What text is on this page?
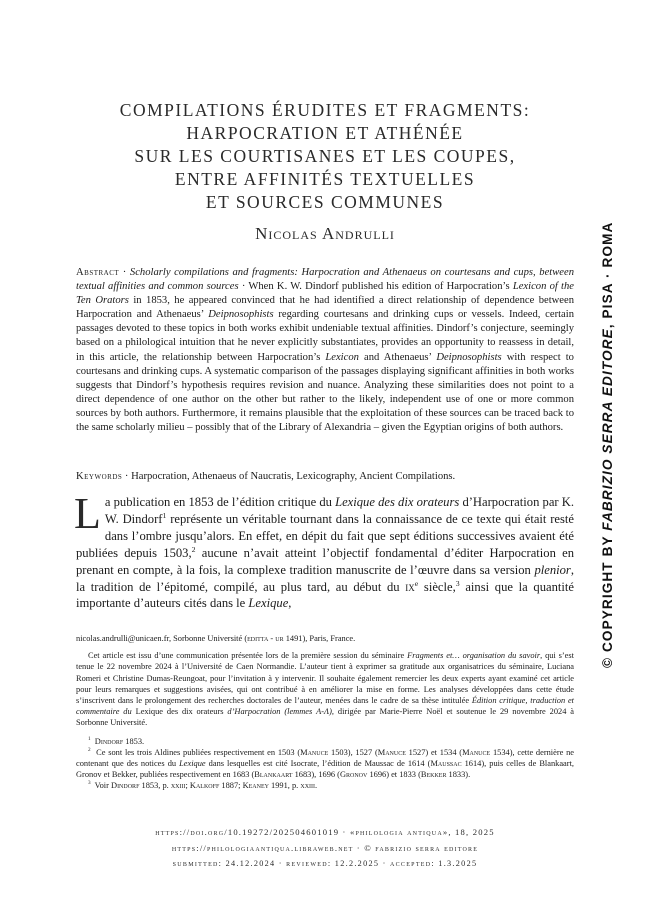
COMPILATIONS ÉRUDITES ET FRAGMENTS:
HARPOCRATION ET ATHÉNÉE
SUR LES COURTISANES ET LES COUPES,
ENTRE AFFINITÉS TEXTUELLES
ET SOURCES COMMUNES
Nicolas Andrulli
Abstract · Scholarly compilations and fragments: Harpocration and Athenaeus on courtesans and cups, between textual affinities and common sources · When K. W. Dindorf published his edition of Harpocration’s Lexicon of the Ten Orators in 1853, he appeared convinced that he had identified a direct relationship of dependence between Harpocration and Athenaeus’ Deipnosophists regarding courtesans and drinking cups or vessels. Indeed, certain passages devoted to these topics in both works exhibit undeniable textual affinities. Dindorf’s conjecture, seemingly based on a philological intuition that he never explicitly substantiates, provides an opportunity to reassess in detail, in this article, the relationship between Harpocration’s Lexicon and Athenaeus’ Deipnosophists with respect to courtesans and drinking cups. A systematic comparison of the passages displaying significant affinities in both works suggests that Dindorf’s hypothesis requires revision and nuance. Analyzing these similarities does not point to a direct dependence of one author on the other but rather to the likely, independent use of one or more common sources by both authors. Furthermore, it remains plausible that the exploitation of these sources can be traced back to the same scholarly milieu – possibly that of the Library of Alexandria – given the Egyptian origins of both authors.
Keywords · Harpocration, Athenaeus of Naucratis, Lexicography, Ancient Compilations.
La publication en 1853 de l’édition critique du Lexique des dix orateurs d’Harpocration par K. W. Dindorf$^1$ représente un véritable tournant dans la connaissance de ce texte qui était resté dans l’ombre jusqu’alors. En effet, en dépit du fait que sept éditions successives avaient été publiées depuis 1503,$^2$ aucune n’avait atteint l’objectif fondamental d’éditer Harpocration en prenant en compte, à la fois, la complexe tradition manuscrite de l’œuvre dans sa version plenior, la tradition de l’épitomé, compilé, au plus tard, au début du $ix^e$ siècle,$^3$ ainsi que la quantité importante d’auteurs cités dans le Lexique,

nicolas.andrulli@unicaen.fr, Sorbonne Université (editta - ur 1491), Paris, France.

Cet article est issu d’une communication présentée lors de la première session du séminaire Fragments et… organisation du savoir, qui s’est tenue le 22 novembre 2024 à l’Université de Caen Normandie. L’auteur tient à exprimer sa gratitude aux organisatrices du séminaire, Luciana Romeri et Christine Dumas-Reungoat, pour l’invitation à y intervenir. Il souhaite également remercier les deux experts ayant examiné cet article pour leurs remarques et suggestions avisées, qui ont contribué à en améliorer la mise en forme. Les analyses développées dans cette étude s’inscrivent dans le prolongement des recherches doctorales de l’auteur, menées dans le cadre de sa thèse intitulée Édition critique, traduction et commentaire du Lexique des dix orateurs d’Harpocration (lemmes Α-Λ), dirigée par Marie-Pierre Noël et soutenue le 29 novembre 2024 à Sorbonne Université.

$^1$ Dindorf 1853.

$^2$ Ce sont les trois Aldines publiées respectivement en 1503 (Manuce 1503), 1527 (Manuce 1527) et 1534 (Manuce 1534), cette dernière ne contenant que des notices du Lexique dans lesquelles est cité Isocrate, l’édition de Maussac de 1614 (Maussac 1614), puis celles de Blankaart, Gronov et Bekker, publiées respectivement en 1683 (Blankaart 1683), 1696 (Gronov 1696) et 1833 (Bekker 1833).

$^3$ Voir Dindorf 1853, p. xxiii; Kalkoff 1887; Keaney 1991, p. xxiii.

https://doi.org/10.19272/202504601019 · «philologia antiqua», 18, 2025
https://philologiaantiqua.librawеb.net · © fabrizio serra editore
submitted: 24.12.2024 · reviewed: 12.2.2025 · accepted: 1.3.2025
© COPYRIGHT BY FABRIZIO SERRA EDITORE, PISA · ROMA
